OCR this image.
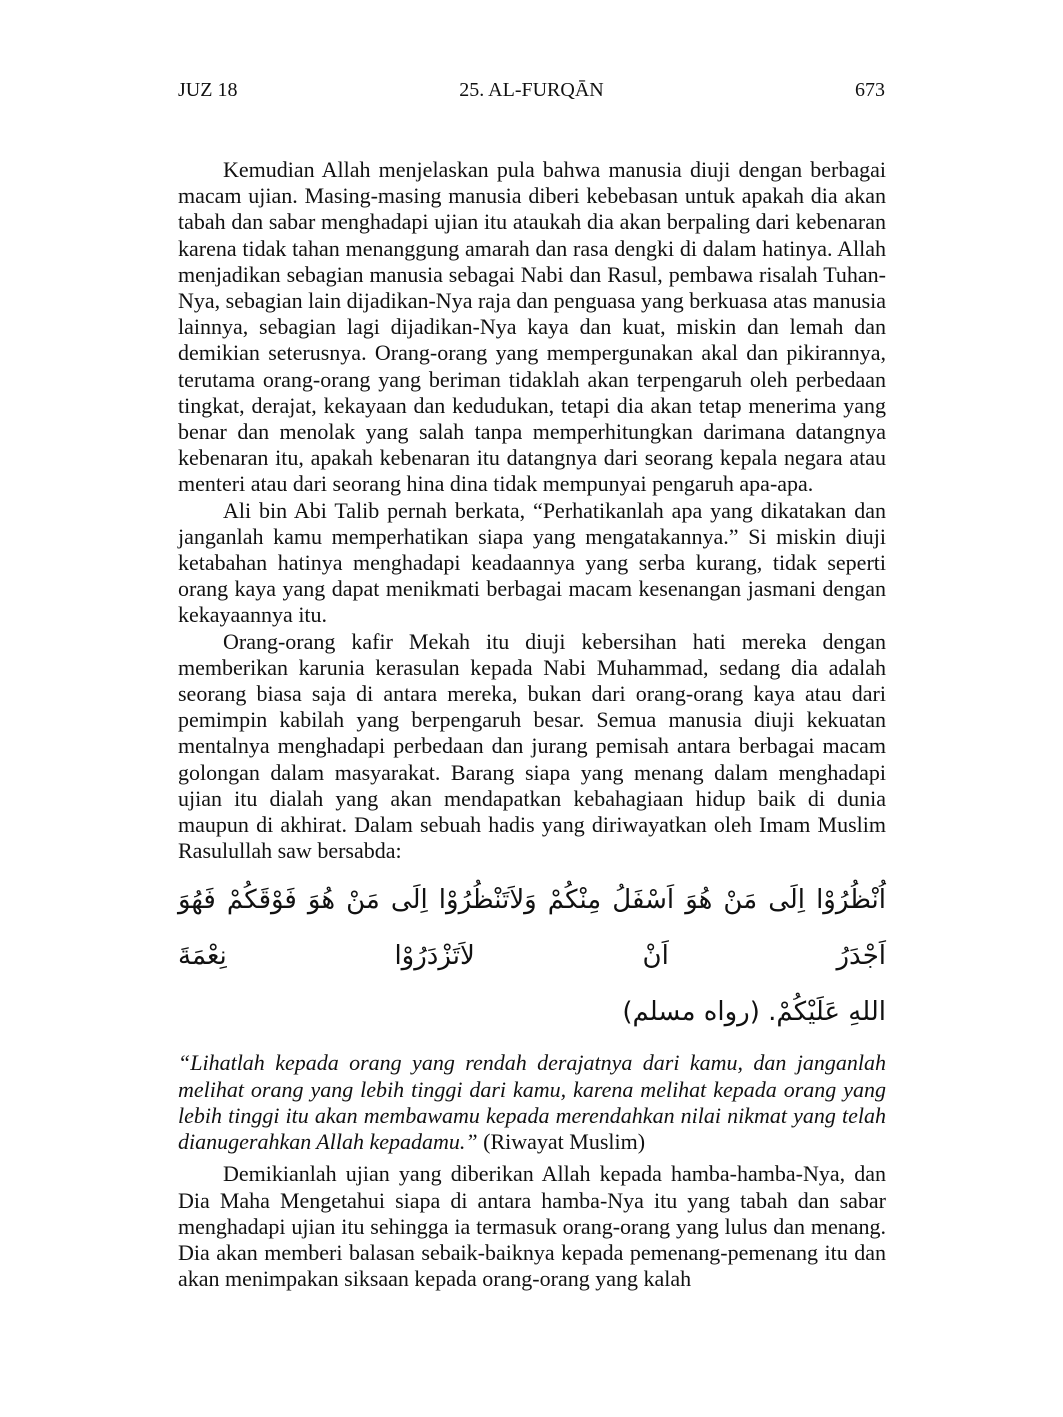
JUZ 18	25. AL-FURQĀN	673

Kemudian Allah menjelaskan pula bahwa manusia diuji dengan berbagai macam ujian. Masing-masing manusia diberi kebebasan untuk apakah dia akan tabah dan sabar menghadapi ujian itu ataukah dia akan berpaling dari kebenaran karena tidak tahan menanggung amarah dan rasa dengki di dalam hatinya. Allah menjadikan sebagian manusia sebagai Nabi dan Rasul, pembawa risalah Tuhan-Nya, sebagian lain dijadikan-Nya raja dan penguasa yang berkuasa atas manusia lainnya, sebagian lagi dijadikan-Nya kaya dan kuat, miskin dan lemah dan demikian seterusnya. Orang-orang yang mempergunakan akal dan pikirannya, terutama orang-orang yang beriman tidaklah akan terpengaruh oleh perbedaan tingkat, derajat, kekayaan dan kedudukan, tetapi dia akan tetap menerima yang benar dan menolak yang salah tanpa memperhitungkan darimana datangnya kebenaran itu, apakah kebenaran itu datangnya dari seorang kepala negara atau menteri atau dari seorang hina dina tidak mempunyai pengaruh apa-apa.

Ali bin Abi Talib pernah berkata, “Perhatikanlah apa yang dikatakan dan janganlah kamu memperhatikan siapa yang mengatakannya.” Si miskin diuji ketabahan hatinya menghadapi keadaannya yang serba kurang, tidak seperti orang kaya yang dapat menikmati berbagai macam kesenangan jasmani dengan kekayaannya itu.

Orang-orang kafir Mekah itu diuji kebersihan hati mereka dengan memberikan karunia kerasulan kepada Nabi Muhammad, sedang dia adalah seorang biasa saja di antara mereka, bukan dari orang-orang kaya atau dari pemimpin kabilah yang berpengaruh besar. Semua manusia diuji kekuatan mentalnya menghadapi perbedaan dan jurang pemisah antara berbagai macam golongan dalam masyarakat. Barang siapa yang menang dalam menghadapi ujian itu dialah yang akan mendapatkan kebahagiaan hidup baik di dunia maupun di akhirat. Dalam sebuah hadis yang diriwayatkan oleh Imam Muslim Rasulullah saw bersabda:

اُنْظُرُوْا اِلَى مَنْ هُوَ اَسْفَلُ مِنْكُمْ وَلاَتَنْظُرُوْا اِلَى مَنْ هُوَ فَوْقَكُمْ فَهُوَ اَجْدَرُ اَنْ لاَتَزْدَرُوْا نِعْمَةَ
اللهِ عَلَيْكُمْ. (رواه مسلم)
“Lihatlah kepada orang yang rendah derajatnya dari kamu, dan janganlah melihat orang yang lebih tinggi dari kamu, karena melihat kepada orang yang lebih tinggi itu akan membawamu kepada merendahkan nilai nikmat yang telah dianugerahkan Allah kepadamu.” (Riwayat Muslim)

Demikianlah ujian yang diberikan Allah kepada hamba-hamba-Nya, dan Dia Maha Mengetahui siapa di antara hamba-Nya itu yang tabah dan sabar menghadapi ujian itu sehingga ia termasuk orang-orang yang lulus dan menang. Dia akan memberi balasan sebaik-baiknya kepada pemenang-pemenang itu dan akan menimpakan siksaan kepada orang-orang yang kalah
